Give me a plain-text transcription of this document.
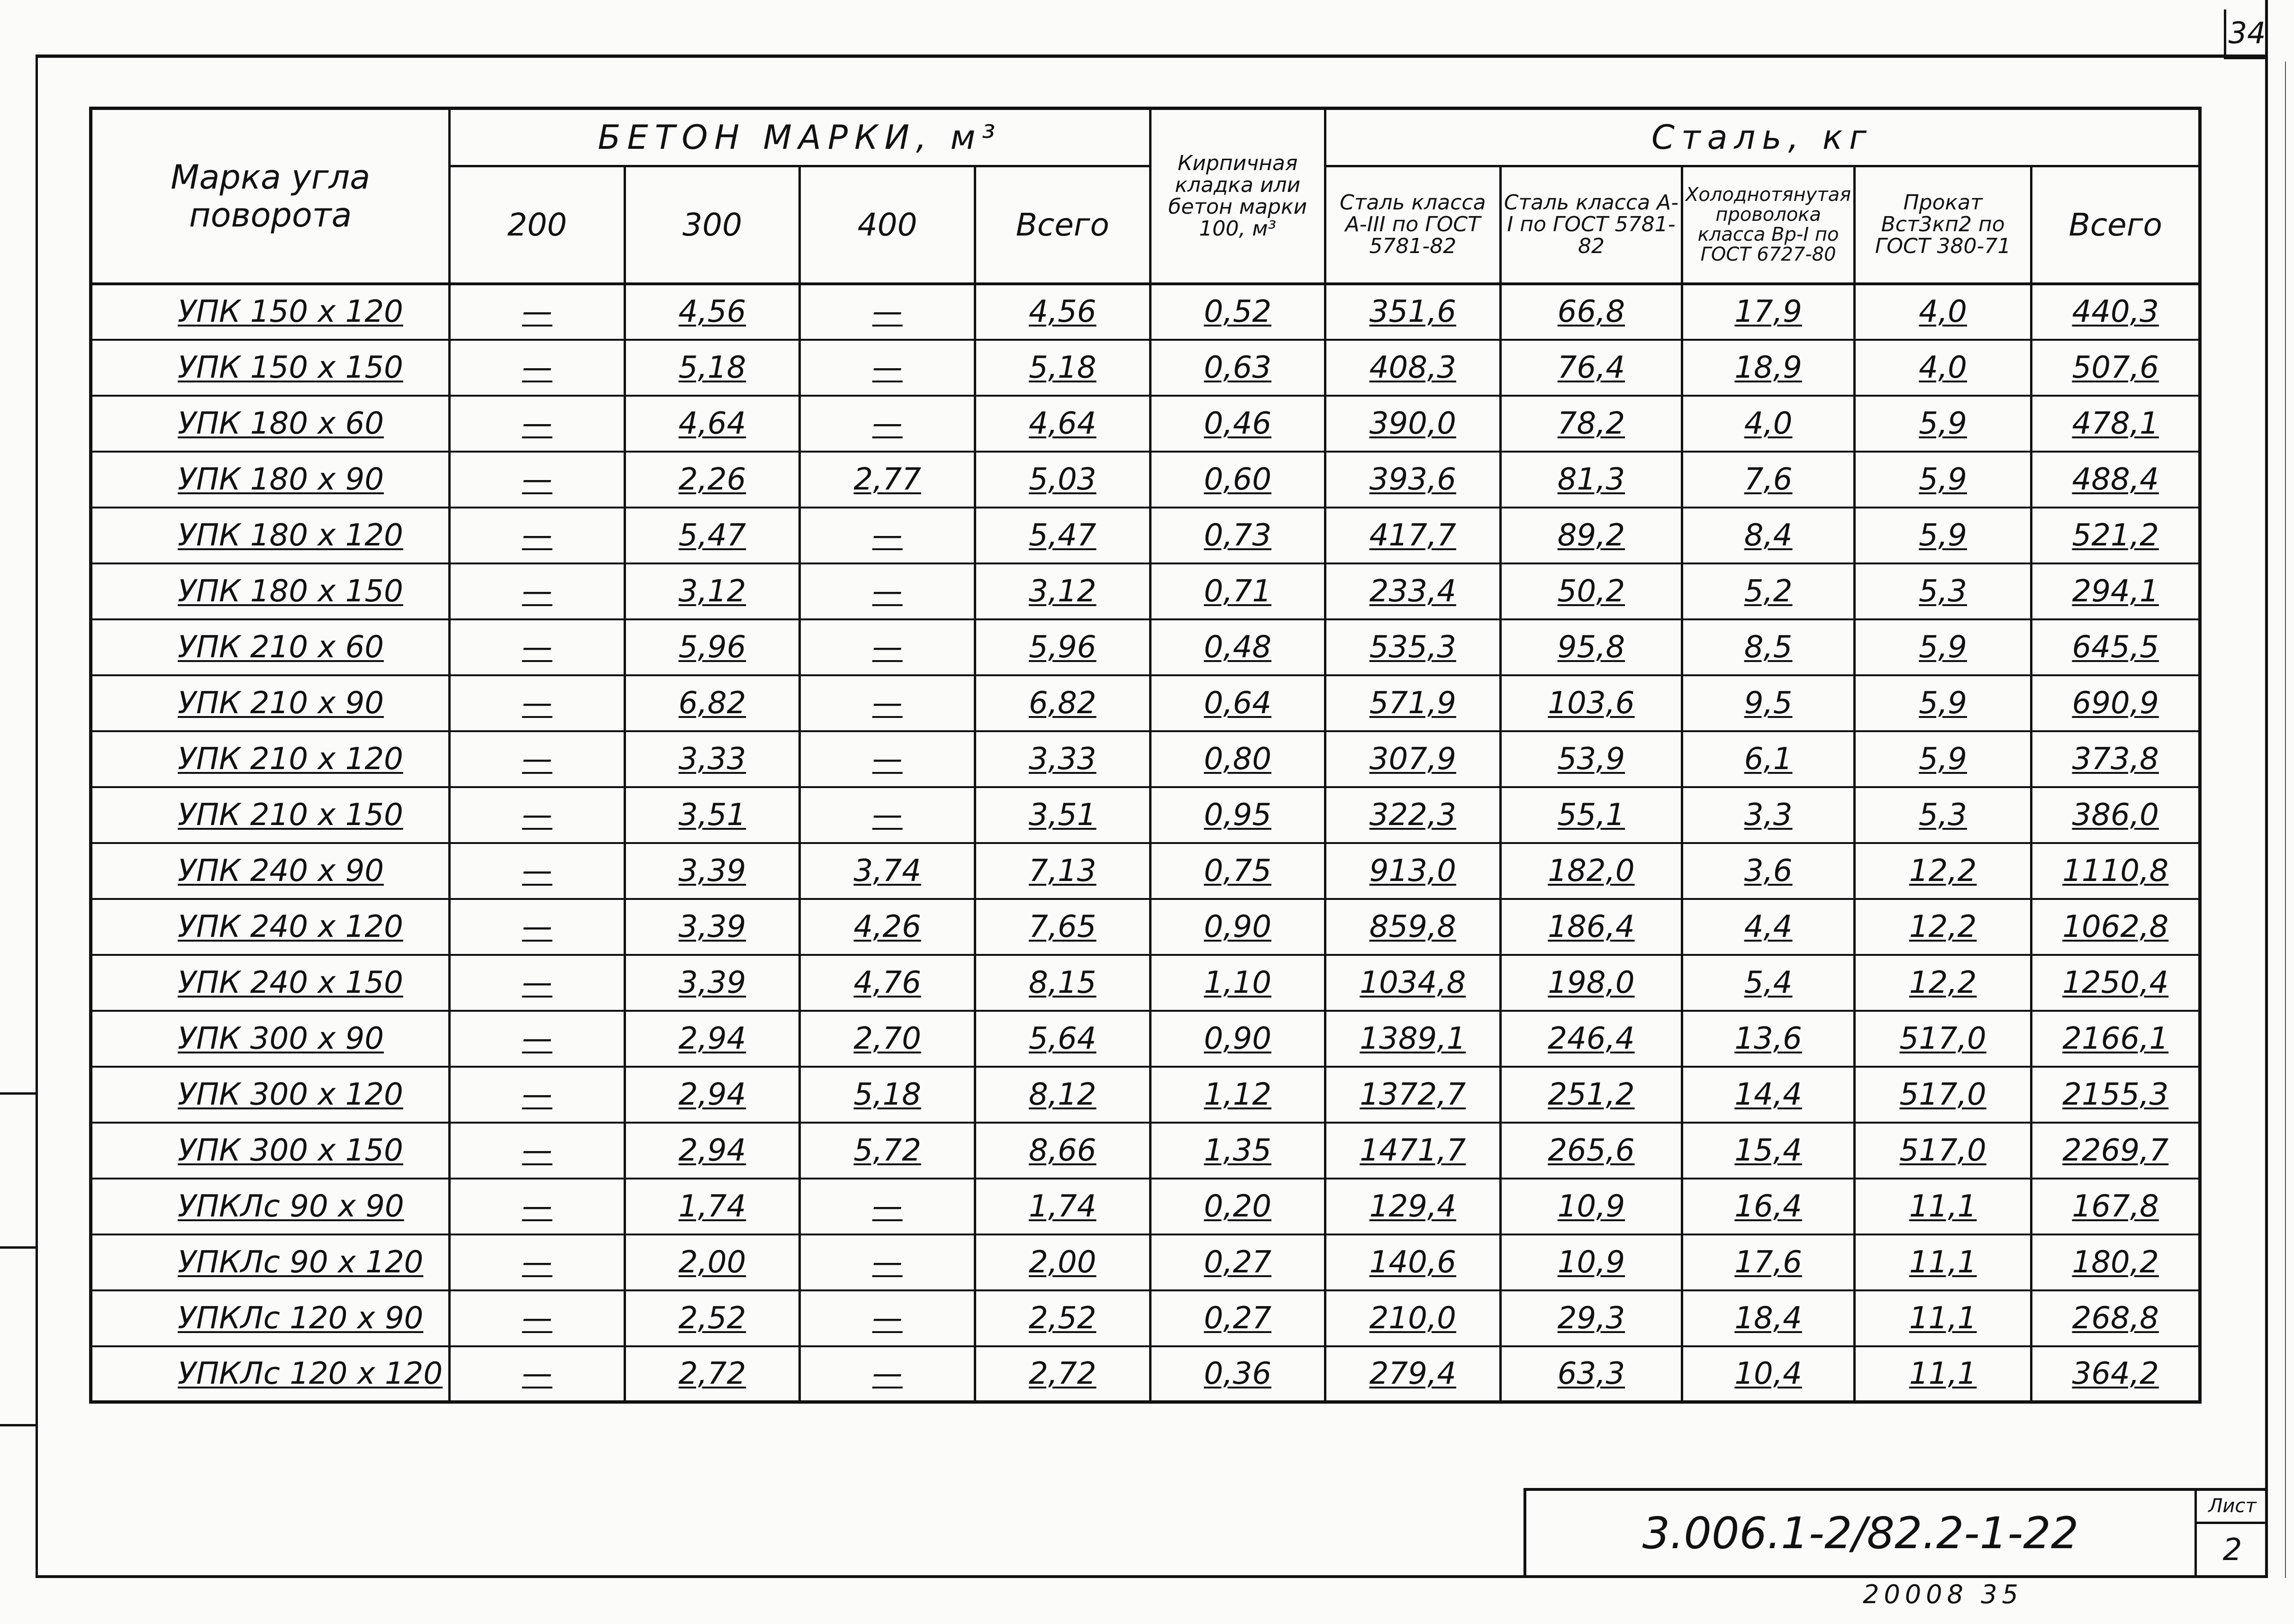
34
Марка угла поворота	БЕТОН МАРКИ, м³				Кирпичная кладка или бетон марки 100, м³	Сталь, кг				
	200	300	400	Всего		Сталь класса A-III по ГОСТ 5781-82	Сталь класса A-I по ГОСТ 5781-82	Холоднотянутая проволока класса Вр-I по ГОСТ 6727-80	Прокат Вст3кп2 по ГОСТ 380-71	Всего
УПК 150 x 120	—	4,56	—	4,56	0,52	351,6	66,8	17,9	4,0	440,3
УПК 150 x 150	—	5,18	—	5,18	0,63	408,3	76,4	18,9	4,0	507,6
УПК 180 x 60	—	4,64	—	4,64	0,46	390,0	78,2	4,0	5,9	478,1
УПК 180 x 90	—	2,26	2,77	5,03	0,60	393,6	81,3	7,6	5,9	488,4
УПК 180 x 120	—	5,47	—	5,47	0,73	417,7	89,2	8,4	5,9	521,2
УПК 180 x 150	—	3,12	—	3,12	0,71	233,4	50,2	5,2	5,3	294,1
УПК 210 x 60	—	5,96	—	5,96	0,48	535,3	95,8	8,5	5,9	645,5
УПК 210 x 90	—	6,82	—	6,82	0,64	571,9	103,6	9,5	5,9	690,9
УПК 210 x 120	—	3,33	—	3,33	0,80	307,9	53,9	6,1	5,9	373,8
УПК 210 x 150	—	3,51	—	3,51	0,95	322,3	55,1	3,3	5,3	386,0
УПК 240 x 90	—	3,39	3,74	7,13	0,75	913,0	182,0	3,6	12,2	1110,8
УПК 240 x 120	—	3,39	4,26	7,65	0,90	859,8	186,4	4,4	12,2	1062,8
УПК 240 x 150	—	3,39	4,76	8,15	1,10	1034,8	198,0	5,4	12,2	1250,4
УПК 300 x 90	—	2,94	2,70	5,64	0,90	1389,1	246,4	13,6	517,0	2166,1
УПК 300 x 120	—	2,94	5,18	8,12	1,12	1372,7	251,2	14,4	517,0	2155,3
УПК 300 x 150	—	2,94	5,72	8,66	1,35	1471,7	265,6	15,4	517,0	2269,7
УПКЛс 90 x 90	—	1,74	—	1,74	0,20	129,4	10,9	16,4	11,1	167,8
УПКЛс 90 x 120	—	2,00	—	2,00	0,27	140,6	10,9	17,6	11,1	180,2
УПКЛс 120 x 90	—	2,52	—	2,52	0,27	210,0	29,3	18,4	11,1	268,8
УПКЛс 120 x 120	—	2,72	—	2,72	0,36	279,4	63,3	10,4	11,1	364,2
3.006.1-2/82.2-1-22
Лист
2
20008 35
